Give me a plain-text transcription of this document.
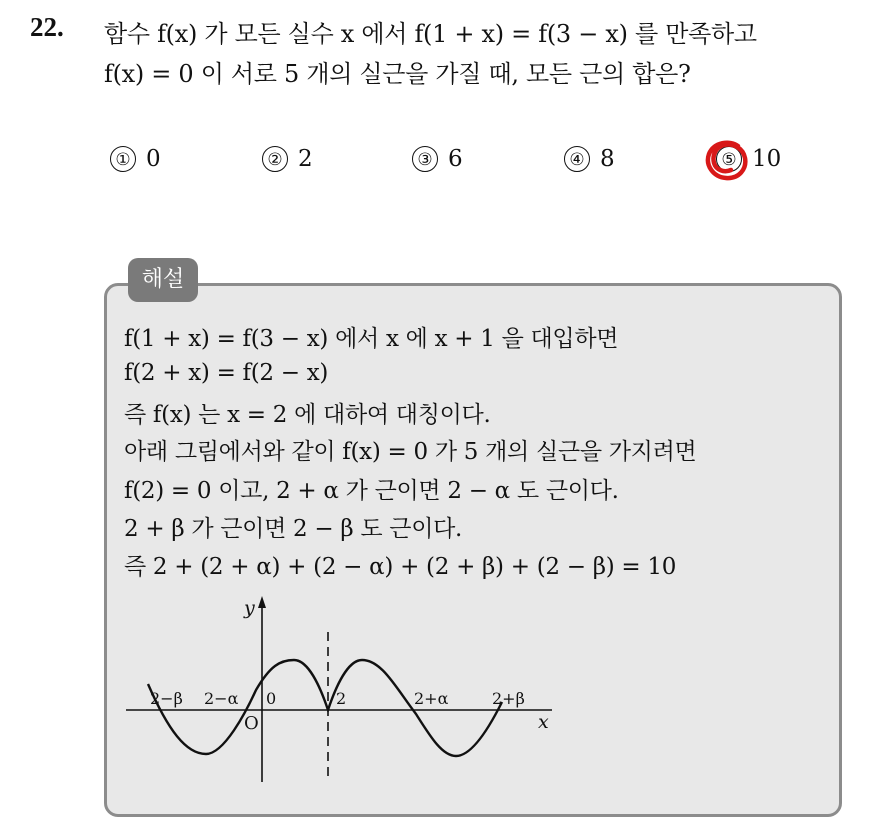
22. 함수 f(x) 가 모든 실수 x 에서 f(1 + x) = f(3 − x) 를 만족하고
f(x) = 0 이 서로 5 개의 실근을 가질 때, 모든 근의 합은?
① 0	② 2	③ 6	④ 8	⑤ 10
해설
f(1 + x) = f(3 − x) 에서 x 에 x + 1 을 대입하면
f(2 + x) = f(2 − x)
즉 f(x) 는 x = 2 에 대하여 대칭이다.
아래 그림에서와 같이 f(x) = 0 가 5 개의 실근을 가지려면
f(2) = 0 이고, 2 + α 가 근이면 2 − α 도 근이다.
2 + β 가 근이면 2 − β 도 근이다.
즉 2 + (2 + α) + (2 − α) + (2 + β) + (2 − β) = 10
y
x
O
0
2−β 2−α	2	2+α	2+β
